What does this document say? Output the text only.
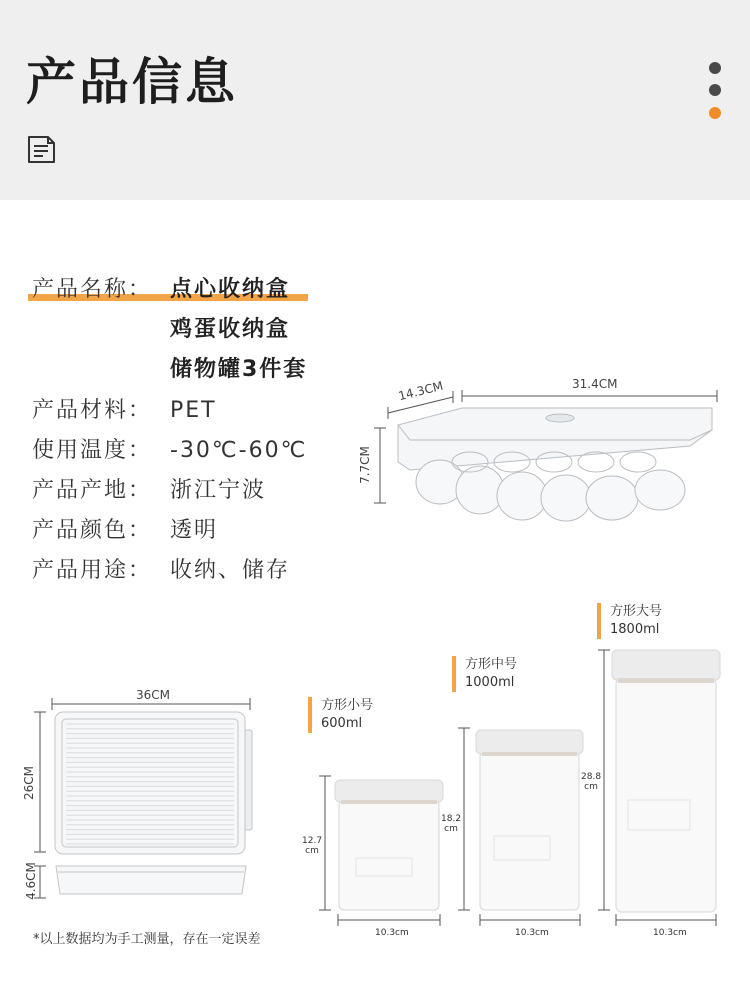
产品信息
产品名称： 点心收纳盒
鸡蛋收纳盒
储物罐3件套
产品材料： PET
使用温度： -30℃-60℃
产品产地： 浙江宁波
产品颜色： 透明
产品用途： 收纳、储存
14.3CM	31.4CM
7.7CM
36CM
26CM
4.6CM
方形小号
600ml
方形中号
1000ml
方形大号
1800ml
12.7
cm
18.2
cm
28.8
cm
10.3cm	10.3cm	10.3cm
*以上数据均为手工测量，存在一定误差
